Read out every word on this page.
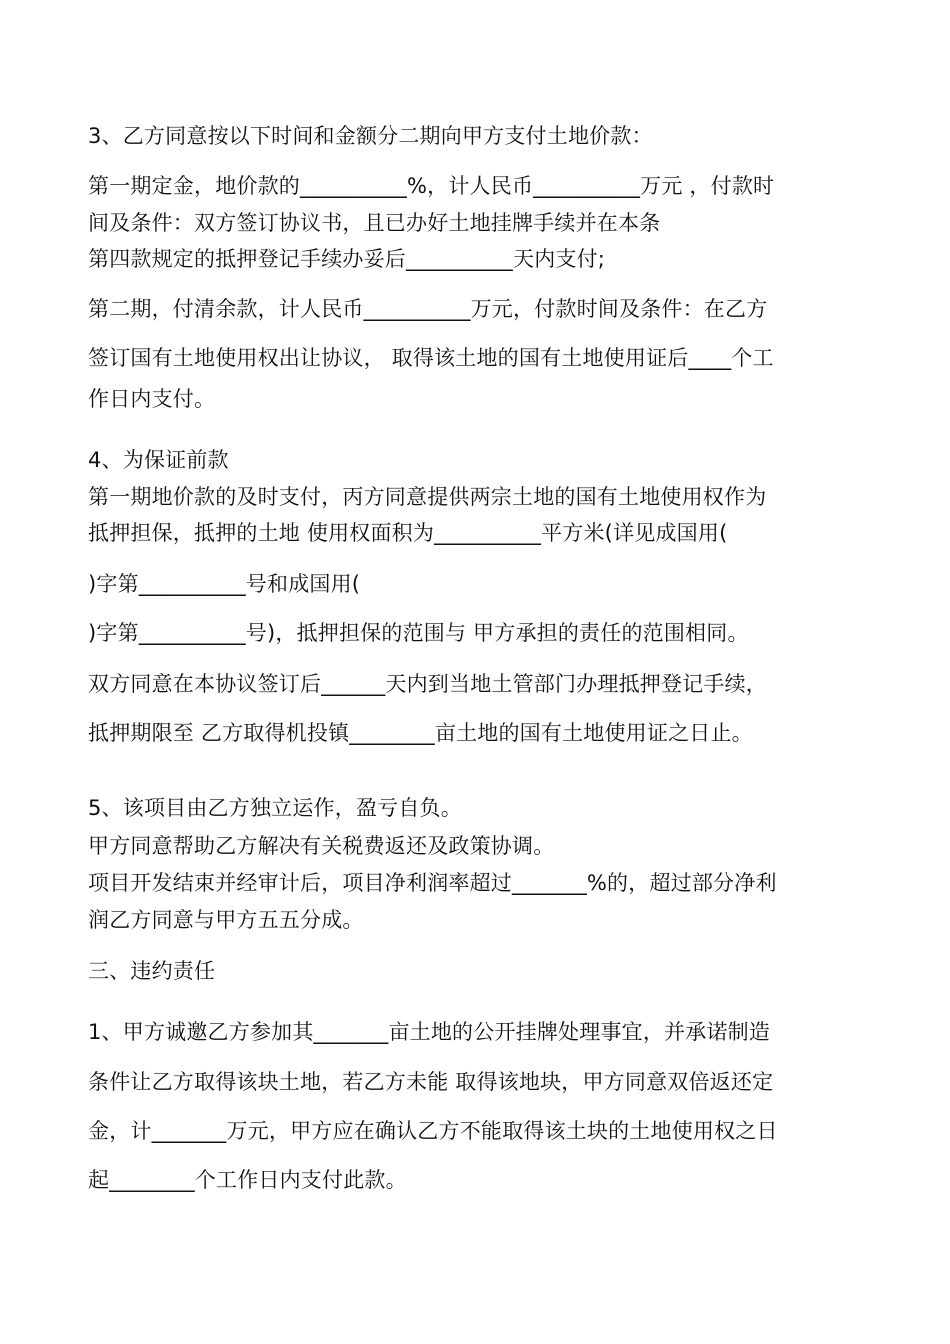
3、乙方同意按以下时间和金额分二期向甲方支付土地价款：
第一期定金，地价款的__________%，计人民币__________万元 ，付款时
间及条件：双方签订协议书，且已办好土地挂牌手续并在本条
第四款规定的抵押登记手续办妥后__________天内支付;
第二期，付清余款，计人民币__________万元，付款时间及条件：在乙方
签订国有土地使用权出让协议， 取得该土地的国有土地使用证后____个工
作日内支付。
4、为保证前款
第一期地价款的及时支付，丙方同意提供两宗土地的国有土地使用权作为
抵押担保，抵押的土地 使用权面积为__________平方米(详见成国用(
)字第__________号和成国用(
)字第__________号)，抵押担保的范围与 甲方承担的责任的范围相同。
双方同意在本协议签订后______天内到当地土管部门办理抵押登记手续，
抵押期限至 乙方取得机投镇________亩土地的国有土地使用证之日止。
5、该项目由乙方独立运作，盈亏自负。
甲方同意帮助乙方解决有关税费返还及政策协调。
项目开发结束并经审计后，项目净利润率超过_______%的，超过部分净利
润乙方同意与甲方五五分成。
三、违约责任
1、甲方诚邀乙方参加其_______亩土地的公开挂牌处理事宜，并承诺制造
条件让乙方取得该块土地，若乙方未能 取得该地块，甲方同意双倍返还定
金，计_______万元，甲方应在确认乙方不能取得该土块的土地使用权之日
起________个工作日内支付此款。
